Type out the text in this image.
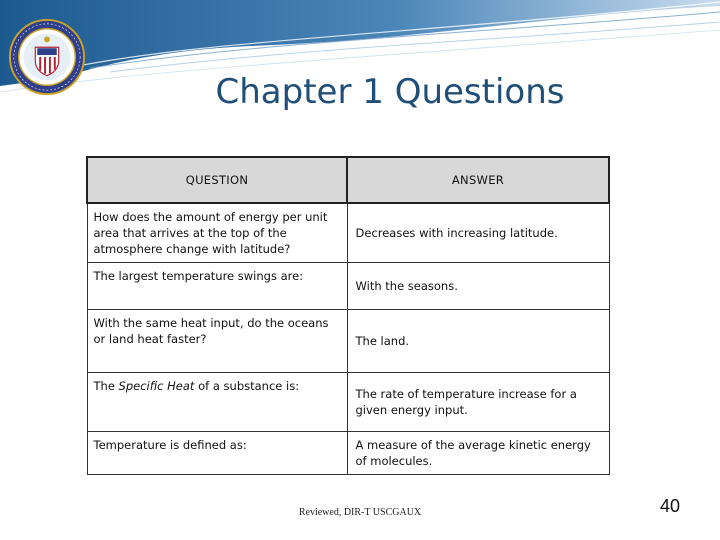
Chapter 1 Questions
QUESTION	ANSWER
How does the amount of energy per unit area that arrives at the top of the atmosphere change with latitude?	Decreases with increasing latitude.
The largest temperature swings are:	With the seasons.
With the same heat input, do the oceans or land heat faster?	The land.
The Specific Heat of a substance is:	The rate of temperature increase for a given energy input.
Temperature is defined as:	A measure of the average kinetic energy of molecules.
Reviewed, DIR-T USCGAUX	40
